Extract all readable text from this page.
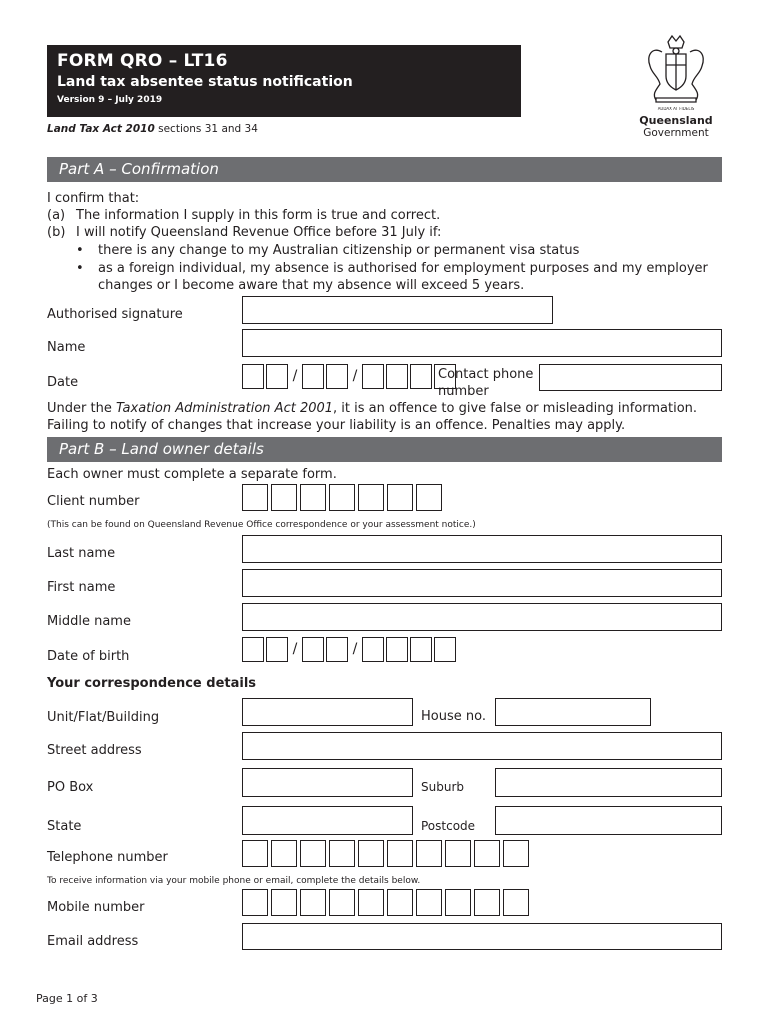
FORM QRO – LT16
Land tax absentee status notification
Version 9 – July 2019
Land Tax Act 2010 sections 31 and 34
AUDAX AT FIDELIS
Queensland
Government
Part A – Confirmation
I confirm that:
(a) The information I supply in this form is true and correct.
(b) I will notify Queensland Revenue Office before 31 July if:
• there is any change to my Australian citizenship or permanent visa status
• as a foreign individual, my absence is authorised for employment purposes and my employer
changes or I become aware that my absence will exceed 5 years.
Authorised signature
Name
Date	/	/	Contact phone
number
Under the Taxation Administration Act 2001, it is an offence to give false or misleading information.
Failing to notify of changes that increase your liability is an offence. Penalties may apply.
Part B – Land owner details
Each owner must complete a separate form.
Client number
(This can be found on Queensland Revenue Office correspondence or your assessment notice.)
Last name
First name
Middle name
Date of birth	/	/
Your correspondence details
Unit/Flat/Building	House no.
Street address
PO Box	Suburb
State	Postcode
Telephone number
To receive information via your mobile phone or email, complete the details below.
Mobile number
Email address
Page 1 of 3
